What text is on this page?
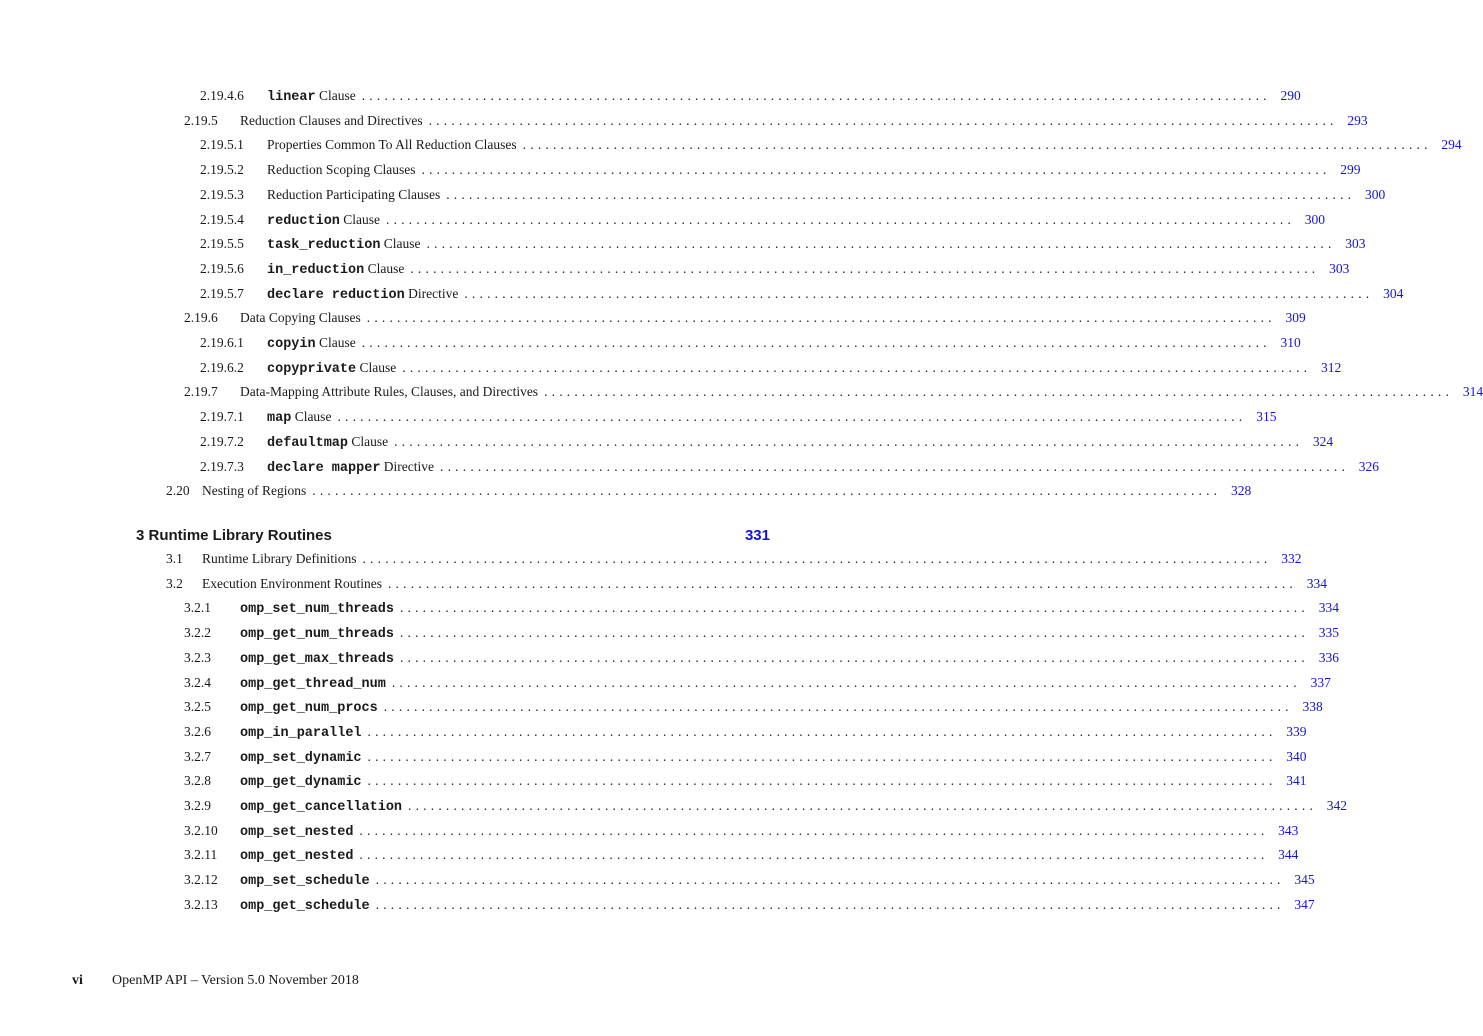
2.19.4.6	linear Clause ........................................................................................................................ 290
2.19.5	Reduction Clauses and Directives ........................................................................................................................ 293
2.19.5.1	Properties Common To All Reduction Clauses ........................................................................................................................ 294
2.19.5.2	Reduction Scoping Clauses ........................................................................................................................ 299
2.19.5.3	Reduction Participating Clauses ........................................................................................................................ 300
2.19.5.4	reduction Clause ........................................................................................................................ 300
2.19.5.5	task_reduction Clause ........................................................................................................................ 303
2.19.5.6	in_reduction Clause ........................................................................................................................ 303
2.19.5.7	declare reduction Directive ........................................................................................................................ 304
2.19.6	Data Copying Clauses ........................................................................................................................ 309
2.19.6.1	copyin Clause ........................................................................................................................ 310
2.19.6.2	copyprivate Clause ........................................................................................................................ 312
2.19.7	Data-Mapping Attribute Rules, Clauses, and Directives ........................................................................................................................ 314
2.19.7.1	map Clause ........................................................................................................................ 315
2.19.7.2	defaultmap Clause ........................................................................................................................ 324
2.19.7.3	declare mapper Directive ........................................................................................................................ 326
2.20 Nesting of Regions ........................................................................................................................ 328
3 Runtime Library Routines	331
3.1	Runtime Library Definitions ........................................................................................................................ 332
3.2	Execution Environment Routines ........................................................................................................................ 334
3.2.1	omp_set_num_threads ........................................................................................................................ 334
3.2.2	omp_get_num_threads ........................................................................................................................ 335
3.2.3	omp_get_max_threads ........................................................................................................................ 336
3.2.4	omp_get_thread_num ........................................................................................................................ 337
3.2.5	omp_get_num_procs ........................................................................................................................ 338
3.2.6	omp_in_parallel ........................................................................................................................ 339
3.2.7	omp_set_dynamic ........................................................................................................................ 340
3.2.8	omp_get_dynamic ........................................................................................................................ 341
3.2.9	omp_get_cancellation ........................................................................................................................ 342
3.2.10	omp_set_nested ........................................................................................................................ 343
3.2.11	omp_get_nested ........................................................................................................................ 344
3.2.12	omp_set_schedule ........................................................................................................................ 345
3.2.13	omp_get_schedule ........................................................................................................................ 347
vi OpenMP API – Version 5.0 November 2018
